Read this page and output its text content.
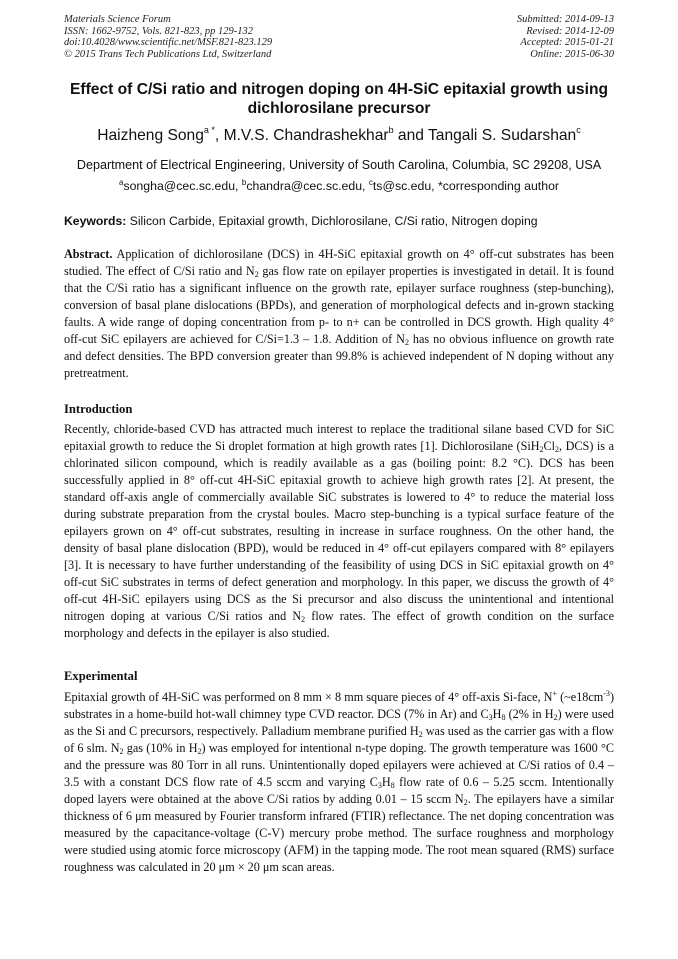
Materials Science Forum
ISSN: 1662-9752, Vols. 821-823, pp 129-132
doi:10.4028/www.scientific.net/MSF.821-823.129
© 2015 Trans Tech Publications Ltd, Switzerland
Submitted: 2014-09-13
Revised: 2014-12-09
Accepted: 2015-01-21
Online: 2015-06-30
Effect of C/Si ratio and nitrogen doping on 4H-SiC epitaxial growth using dichlorosilane precursor
Haizheng Song$^{a *}$, M.V.S. Chandrashekhar$^b$ and Tangali S. Sudarshan$^c$
Department of Electrical Engineering, University of South Carolina, Columbia, SC 29208, USA
$^a$songha@cec.sc.edu, $^b$chandra@cec.sc.edu, $^c$ts@sc.edu, *corresponding author
Keywords: Silicon Carbide, Epitaxial growth, Dichlorosilane, C/Si ratio, Nitrogen doping
Abstract. Application of dichlorosilane (DCS) in 4H-SiC epitaxial growth on 4° off-cut substrates has been studied. The effect of C/Si ratio and $N_2$ gas flow rate on epilayer properties is investigated in detail. It is found that the C/Si ratio has a significant influence on the growth rate, epilayer surface roughness (step-bunching), conversion of basal plane dislocations (BPDs), and generation of morphological defects and in-grown stacking faults. A wide range of doping concentration from p- to n+ can be controlled in DCS growth. High quality 4° off-cut SiC epilayers are achieved for C/Si=1.3 – 1.8. Addition of $N_2$ has no obvious influence on growth rate and defect densities. The BPD conversion greater than 99.8% is achieved independent of N doping without any pretreatment.
Introduction
Recently, chloride-based CVD has attracted much interest to replace the traditional silane based CVD for SiC epitaxial growth to reduce the Si droplet formation at high growth rates [1]. Dichlorosilane ($SiH_2Cl_2$, DCS) is a chlorinated silicon compound, which is readily available as a gas (boiling point: 8.2 °C). DCS has been successfully applied in 8° off-cut 4H-SiC epitaxial growth to achieve high growth rates [2]. At present, the standard off-axis angle of commercially available SiC substrates is lowered to 4° to reduce the material loss during substrate preparation from the crystal boules. Macro step-bunching is a typical surface feature of the epilayers grown on 4° off-cut substrates, resulting in increase in surface roughness. On the other hand, the density of basal plane dislocation (BPD), would be reduced in 4° off-cut epilayers compared with 8° epilayers [3]. It is necessary to have further understanding of the feasibility of using DCS in SiC epitaxial growth on 4° off-cut SiC substrates in terms of defect generation and morphology. In this paper, we discuss the growth of 4° off-cut 4H-SiC epilayers using DCS as the Si precursor and also discuss the unintentional and intentional nitrogen doping at various C/Si ratios and $N_2$ flow rates. The effect of growth condition on the surface morphology and defects in the epilayer is also studied.
Experimental
Epitaxial growth of 4H-SiC was performed on 8 mm × 8 mm square pieces of 4° off-axis Si-face, N+ $(\sim e18cm^{-3})$ substrates in a home-build hot-wall chimney type CVD reactor. DCS (7% in Ar) and $C_3H_8$ (2% in $H_2$) were used as the Si and C precursors, respectively. Palladium membrane purified $H_2$ was used as the carrier gas with a flow of 6 slm. $N_2$ gas (10% in $H_2$) was employed for intentional n-type doping. The growth temperature was 1600 °C and the pressure was 80 Torr in all runs. Unintentionally doped epilayers were achieved at C/Si ratios of 0.4 – 3.5 with a constant DCS flow rate of 4.5 sccm and varying $C_3H_8$ flow rate of 0.6 – 5.25 sccm. Intentionally doped layers were obtained at the above C/Si ratios by adding 0.01 – 15 sccm $N_2$. The epilayers have a similar thickness of 6 μm measured by Fourier transform infrared (FTIR) reflectance. The net doping concentration was measured by the capacitance-voltage (C-V) mercury probe method. The surface roughness and morphology were studied using atomic force microscopy (AFM) in the tapping mode. The root mean squared (RMS) surface roughness was calculated in 20 μm × 20 μm scan areas.
